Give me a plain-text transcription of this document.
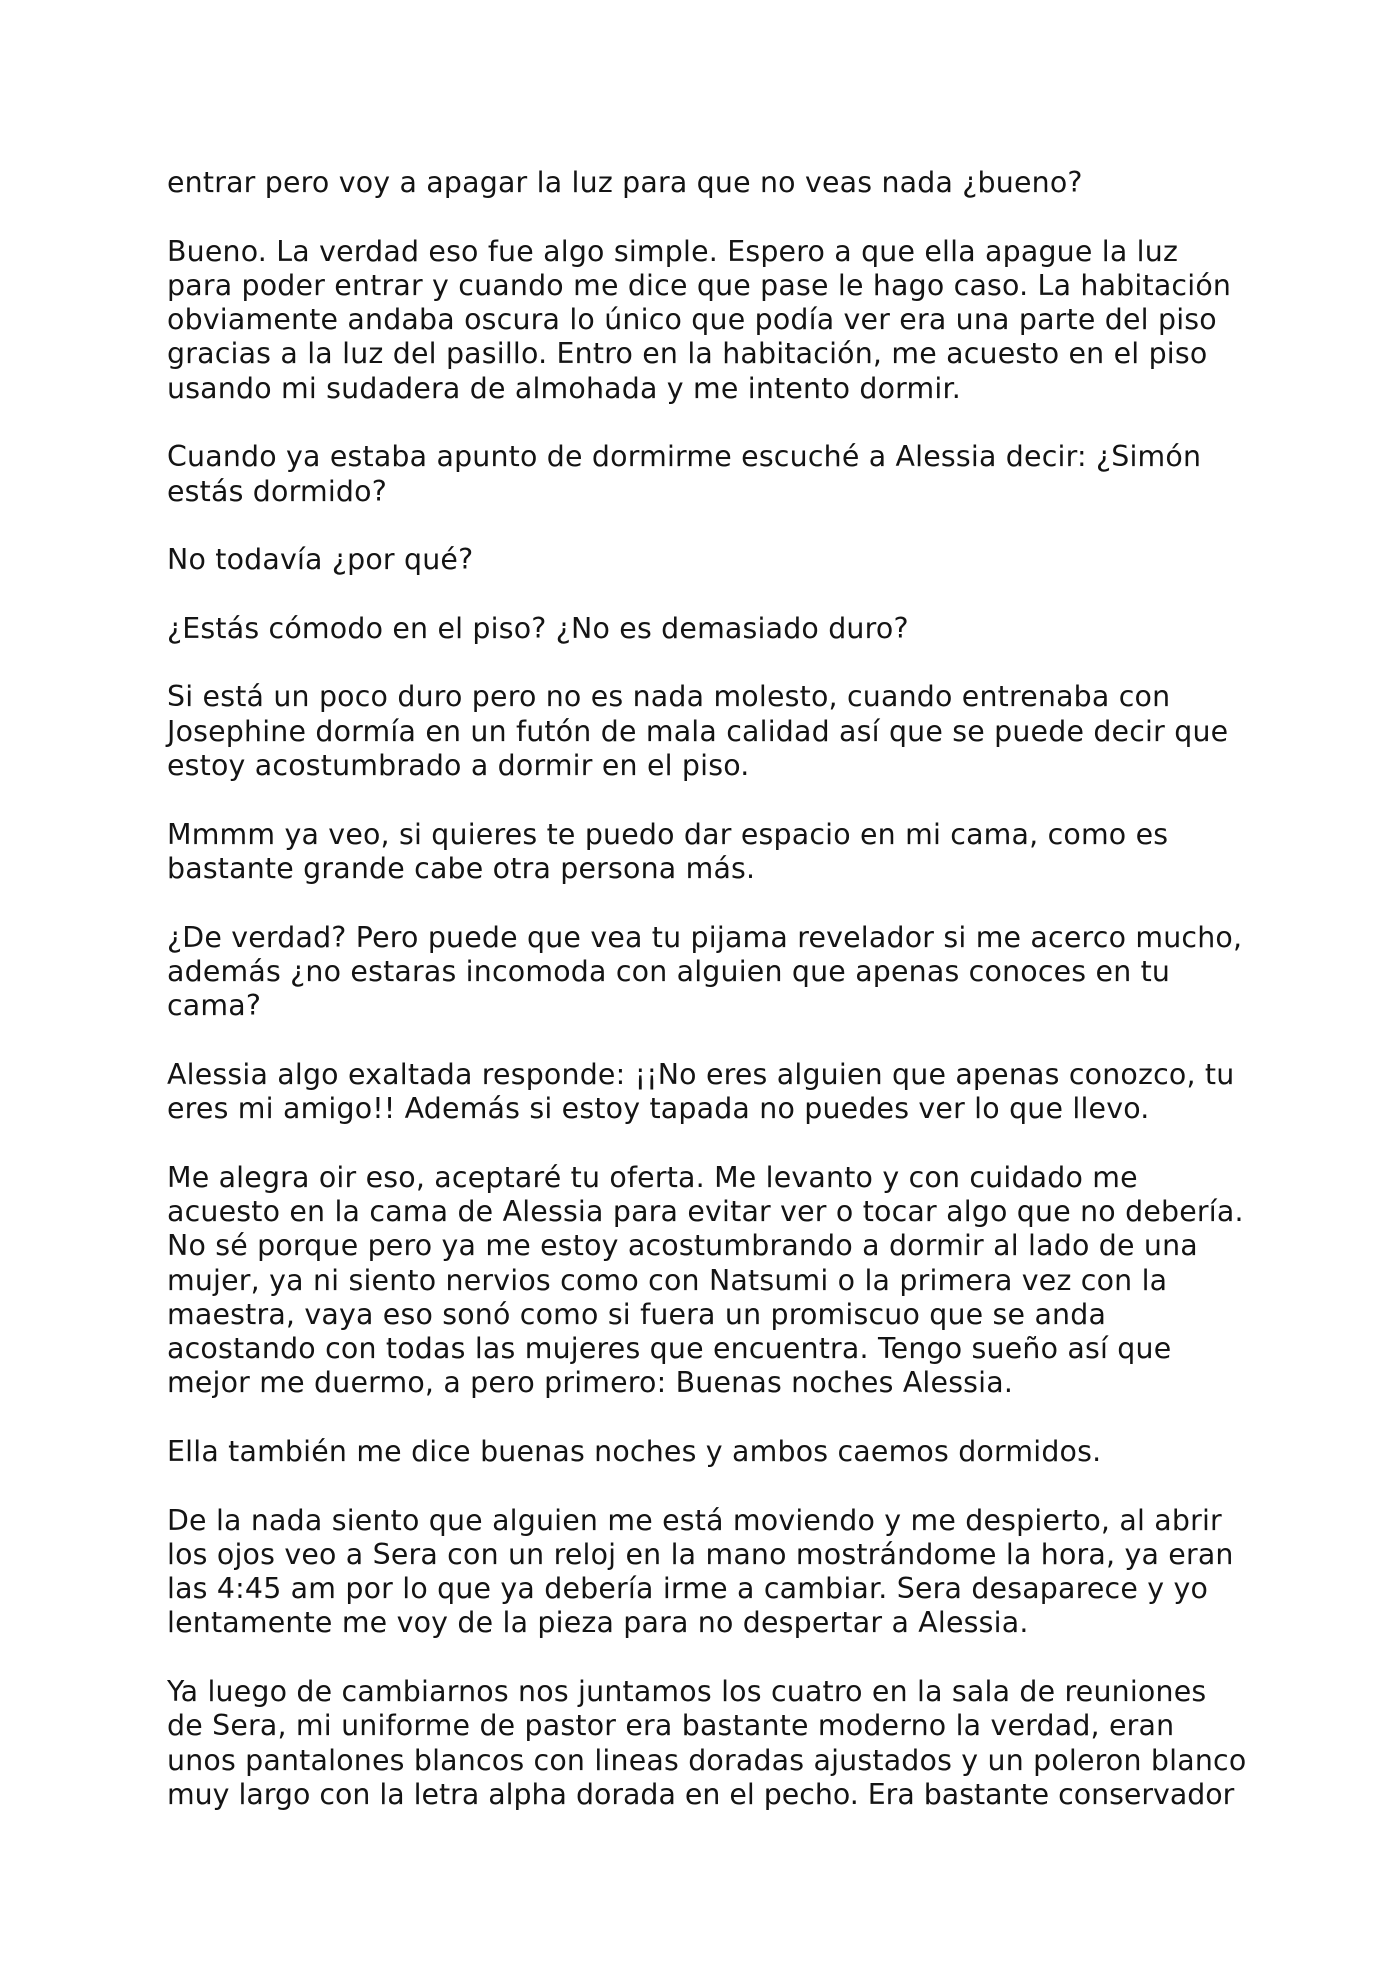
entrar pero voy a apagar la luz para que no veas nada ¿bueno?
Bueno. La verdad eso fue algo simple. Espero a que ella apague la luz
para poder entrar y cuando me dice que pase le hago caso. La habitación
obviamente andaba oscura lo único que podía ver era una parte del piso
gracias a la luz del pasillo. Entro en la habitación, me acuesto en el piso
usando mi sudadera de almohada y me intento dormir.
Cuando ya estaba apunto de dormirme escuché a Alessia decir: ¿Simón
estás dormido?
No todavía ¿por qué?
¿Estás cómodo en el piso? ¿No es demasiado duro?
Si está un poco duro pero no es nada molesto, cuando entrenaba con
Josephine dormía en un futón de mala calidad así que se puede decir que
estoy acostumbrado a dormir en el piso.
Mmmm ya veo, si quieres te puedo dar espacio en mi cama, como es
bastante grande cabe otra persona más.
¿De verdad? Pero puede que vea tu pijama revelador si me acerco mucho,
además ¿no estaras incomoda con alguien que apenas conoces en tu
cama?
Alessia algo exaltada responde: ¡¡No eres alguien que apenas conozco, tu
eres mi amigo!! Además si estoy tapada no puedes ver lo que llevo.
Me alegra oir eso, aceptaré tu oferta. Me levanto y con cuidado me
acuesto en la cama de Alessia para evitar ver o tocar algo que no debería.
No sé porque pero ya me estoy acostumbrando a dormir al lado de una
mujer, ya ni siento nervios como con Natsumi o la primera vez con la
maestra, vaya eso sonó como si fuera un promiscuo que se anda
acostando con todas las mujeres que encuentra. Tengo sueño así que
mejor me duermo, a pero primero: Buenas noches Alessia.
Ella también me dice buenas noches y ambos caemos dormidos.
De la nada siento que alguien me está moviendo y me despierto, al abrir
los ojos veo a Sera con un reloj en la mano mostrándome la hora, ya eran
las 4:45 am por lo que ya debería irme a cambiar. Sera desaparece y yo
lentamente me voy de la pieza para no despertar a Alessia.
Ya luego de cambiarnos nos juntamos los cuatro en la sala de reuniones
de Sera, mi uniforme de pastor era bastante moderno la verdad, eran
unos pantalones blancos con lineas doradas ajustados y un poleron blanco
muy largo con la letra alpha dorada en el pecho. Era bastante conservador
